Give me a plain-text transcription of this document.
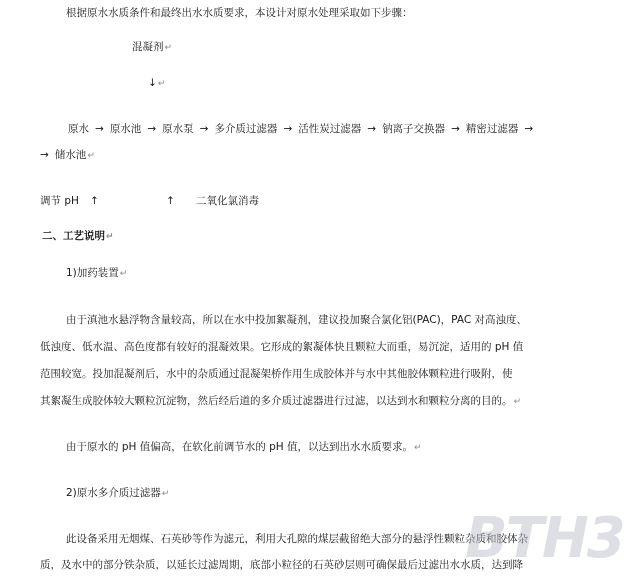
根据原水水质条件和最终出水水质要求，本设计对原水处理采取如下步骤：
混凝剂↵
↓↵
原水 → 原水池 → 原水泵 → 多介质过滤器 → 活性炭过滤器 → 钠离子交换器 → 精密过滤器 →
→ 储水池↵
调节 pH ↑	↑ 二氧化氯消毒
二、工艺说明↵
1)加药装置↵
由于滇池水悬浮物含量较高，所以在水中投加絮凝剂，建议投加聚合氯化铝(PAC)，PAC 对高浊度、
低浊度、低水温、高色度都有较好的混凝效果。它形成的絮凝体快且颗粒大而重，易沉淀，适用的 pH 值
范围较宽。投加混凝剂后，水中的杂质通过混凝架桥作用生成胶体并与水中其他胶体颗粒进行吸附，使
其絮凝生成胶体较大颗粒沉淀物，然后经后道的多介质过滤器进行过滤，以达到水和颗粒分离的目的。↵
由于原水的 pH 值偏高，在软化前调节水的 pH 值，以达到出水水质要求。↵
2)原水多介质过滤器↵
此设备采用无烟煤、石英砂等作为滤元，利用大孔隙的煤层截留绝大部分的悬浮性颗粒杂质和胶体杂
质，及水中的部分铁杂质，以延长过滤周期，底部小粒径的石英砂层则可确保最后过滤出水水质，达到降
BTH3
